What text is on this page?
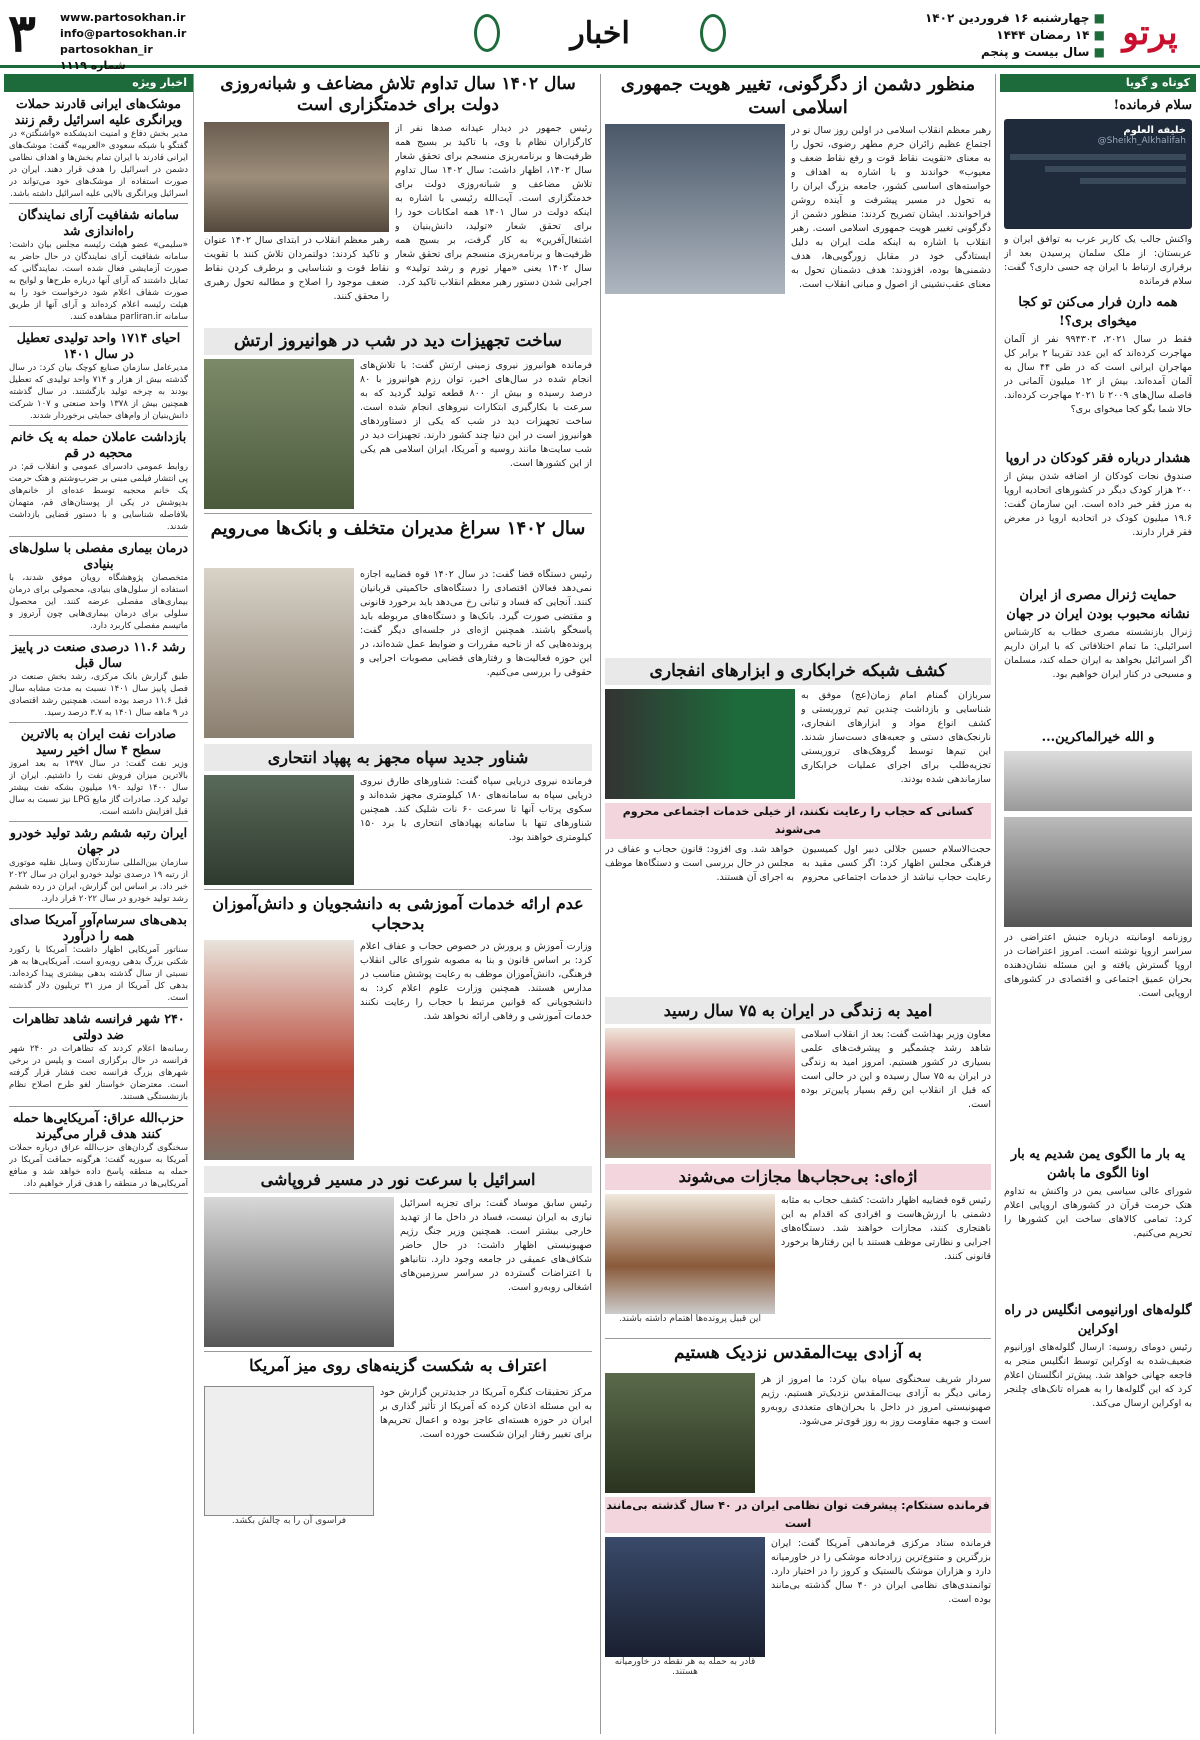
پرتو
■ چهارشنبه ۱۶ فروردین ۱۴۰۲
■ ۱۴ رمضان ۱۴۴۴
■ سال بیست و پنجم
اخبار
۳ www.partosokhan.ir
info@partosokhan.ir
partosokhan_ir
شماره ۱۱۱۹
اخبار ویژه
موشک‌های ایرانی قادرند حملات ویرانگری علیه اسرائیل رقم زنند
مدیر بخش دفاع و امنیت اندیشکده «واشنگتن» در گفتگو با شبکه سعودی «العربیه» گفت: موشک‌های ایرانی قادرند با ایران تمام بخش‌ها و اهداف نظامی دشمن در اسرائیل را هدف قرار دهند. ایران در صورت استفاده از موشک‌های خود می‌تواند در اسرائیل ویرانگری بالایی علیه اسرائیل داشته باشد.
سامانه شفافیت آرای نمایندگان راه‌اندازی شد
«سلیمی» عضو هیئت رئیسه مجلس بیان داشت: سامانه شفافیت آرای نمایندگان در حال حاضر به صورت آزمایشی فعال شده است. نمایندگانی که تمایل داشتند که آرای آنها درباره طرح‌ها و لوایح به صورت شفاف اعلام شود درخواست خود را به هیئت رئیسه اعلام کرده‌اند و آرای آنها از طریق سامانه parliran.ir مشاهده کنند.
احیای ۱۷۱۴ واحد تولیدی تعطیل در سال ۱۴۰۱
مدیرعامل سازمان صنایع کوچک بیان کرد: در سال گذشته بیش از هزار و ۷۱۴ واحد تولیدی که تعطیل بودند به چرخه تولید بازگشتند. در سال گذشته همچنین بیش از ۱۳۷۸ واحد صنعتی و ۱۰۷ شرکت دانش‌بنیان از وام‌های حمایتی برخوردار شدند.
بازداشت عاملان حمله به یک خانم محجبه در قم
روابط عمومی دادسرای عمومی و انقلاب قم: در پی انتشار فیلمی مبنی بر ضرب‌وشتم و هتک حرمت یک خانم محجبه توسط عده‌ای از خانم‌های بدپوشش در یکی از پوستان‌های قم، متهمان بلافاصله شناسایی و با دستور قضایی بازداشت شدند.
درمان بیماری مفصلی با سلول‌های بنیادی
متخصصان پژوهشگاه رویان موفق شدند، با استفاده از سلول‌های بنیادی، محصولی برای درمان بیماری‌های مفصلی عرضه کنند. این محصول سلولی برای درمان بیماری‌هایی چون آرتروز و ماتیسم مفصلی کاربرد دارد.
رشد ۱۱.۶ درصدی صنعت در پاییز سال قبل
طبق گزارش بانک مرکزی، رشد بخش صنعت در فصل پاییز سال ۱۴۰۱ نسبت به مدت مشابه سال قبل ۱۱.۶ درصد بوده است. همچنین رشد اقتصادی در ۹ ماهه سال ۱۴۰۱ به ۳.۷ درصد رسید.
صادرات نفت ایران به بالاترین سطح ۴ سال اخیر رسید
وزیر نفت گفت: در سال ۱۳۹۷ به بعد امروز بالاترین میزان فروش نفت را داشتیم. ایران از سال ۱۴۰۰ تولید ۱۹۰ میلیون بشکه نفت بیشتر تولید کرد. صادرات گاز مایع LPG نیز نسبت به سال قبل افزایش داشته است.
ایران رتبه ششم رشد تولید خودرو در جهان
سازمان بین‌المللی سازندگان وسایل نقلیه موتوری از رتبه ۱۹ درصدی تولید خودرو ایران در سال ۲۰۲۲ خبر داد. بر اساس این گزارش، ایران در رده ششم رشد تولید خودرو در سال ۲۰۲۲ قرار دارد.
بدهی‌های سرسام‌آور آمریکا صدای همه را درآورد
سناتور آمریکایی اظهار داشت: آمریکا با رکورد شکنی بزرگ بدهی روبه‌رو است. آمریکایی‌ها به هر نسبتی از سال گذشته بدهی بیشتری پیدا کرده‌اند. بدهی کل آمریکا از مرز ۳۱ تریلیون دلار گذشته است.
۲۴۰ شهر فرانسه شاهد تظاهرات ضد دولتی
رسانه‌ها اعلام کردند که تظاهرات در ۲۴۰ شهر فرانسه در حال برگزاری است و پلیس در برخی شهرهای بزرگ فرانسه تحت فشار قرار گرفته است. معترضان خواستار لغو طرح اصلاح نظام بازنشستگی هستند.
حزب‌الله عراق: آمریکایی‌ها حمله کنند هدف قرار می‌گیرند
سخنگوی گردان‌های حزب‌الله عراق درباره حملات آمریکا به سوریه گفت: هرگونه حماقت آمریکا در حمله به منطقه پاسخ داده خواهد شد و منافع آمریکایی‌ها در منطقه را هدف قرار خواهیم داد.
سال ۱۴۰۲ سال تداوم تلاش مضاعف و شبانه‌روزی دولت برای خدمتگزاری است
رئیس جمهور در دیدار عیدانه صدها نفر از کارگزاران نظام با وی، با تاکید بر بسیج همه ظرفیت‌ها و برنامه‌ریزی منسجم برای تحقق شعار سال ۱۴۰۲، اظهار داشت: سال ۱۴۰۲ سال تداوم تلاش مضاعف و شبانه‌روزی دولت برای خدمتگزاری است. آیت‌الله رئیسی با اشاره به اینکه دولت در سال ۱۴۰۱ همه امکانات خود را برای تحقق شعار «تولید، دانش‌بنیان و اشتغال‌آفرین» به کار گرفت، بر بسیج همه ظرفیت‌ها و برنامه‌ریزی منسجم برای تحقق شعار سال ۱۴۰۲ یعنی «مهار تورم و رشد تولید» و اجرایی شدن دستور رهبر معظم انقلاب تاکید کرد.
رهبر معظم انقلاب در ابتدای سال ۱۴۰۲ عنوان و تاکید کردند: دولتمردان تلاش کنند با تقویت نقاط قوت و شناسایی و برطرف کردن نقاط ضعف موجود را اصلاح و مطالبه تحول رهبری را محقق کنند.
ساخت تجهیزات دید در شب در هوانیروز ارتش
فرمانده هوانیروز نیروی زمینی ارتش گفت: با تلاش‌های انجام شده در سال‌های اخیر، توان رزم هوانیروز با ۸۰ درصد رسیده و بیش از ۸۰۰ قطعه تولید گردید که به سرعت با بکارگیری ابتکارات نیروهای انجام شده است. ساخت تجهیزات دید در شب که یکی از دستاوردهای هوانیروز است در این دنیا چند کشور دارند. تجهیزات دید در شب سایت‌ها مانند روسیه و آمریکا، ایران اسلامی هم یکی از این کشورها است.
سال ۱۴۰۲ سراغ مدیران متخلف و بانک‌ها می‌رویم
رئیس دستگاه قضا گفت: در سال ۱۴۰۲ قوه قضاییه اجازه نمی‌دهد فعالان اقتصادی را دستگاه‌های حاکمیتی قربانیان کنند. آنجایی که فساد و تبانی رخ می‌دهد باید برخورد قانونی و مقتضی صورت گیرد. بانک‌ها و دستگاه‌های مربوطه باید پاسخگو باشند. همچنین اژه‌ای در جلسه‌ای دیگر گفت: پرونده‌هایی که از ناحیه مقررات و ضوابط عمل شده‌اند، در این حوزه فعالیت‌ها و رفتارهای قضایی مصوبات اجرایی و حقوقی را بررسی می‌کنیم.
شناور جدید سپاه مجهز به پهپاد انتحاری
فرمانده نیروی دریایی سپاه گفت: شناورهای طارق نیروی دریایی سپاه به سامانه‌های ۱۸۰ کیلومتری مجهز شده‌اند و سکوی پرتاب آنها تا سرعت ۶۰ نات شلیک کند. همچنین شناورهای تنها با سامانه پهپادهای انتحاری با برد ۱۵۰ کیلومتری خواهند بود.
عدم ارائه خدمات آموزشی به دانشجویان و دانش‌آموزان بدحجاب
وزارت آموزش و پرورش در خصوص حجاب و عفاف اعلام کرد: بر اساس قانون و بنا به مصوبه شورای عالی انقلاب فرهنگی، دانش‌آموزان موظف به رعایت پوشش مناسب در مدارس هستند. همچنین وزارت علوم اعلام کرد: به دانشجویانی که قوانین مرتبط با حجاب را رعایت نکنند خدمات آموزشی و رفاهی ارائه نخواهد شد.
اسرائیل با سرعت نور در مسیر فروپاشی
رئیس سابق موساد گفت: برای تجزیه اسرائیل نیازی به ایران نیست، فساد در داخل ما از تهدید خارجی بیشتر است. همچنین وزیر جنگ رژیم صهیونیستی اظهار داشت: در حال حاضر شکاف‌های عمیقی در جامعه وجود دارد. نتانیاهو با اعتراضات گسترده در سراسر سرزمین‌های اشغالی روبه‌رو است.
اعتراف به شکست گزینه‌های روی میز آمریکا
مرکز تحقیقات کنگره آمریکا در جدیدترین گزارش خود به این مسئله اذعان کرده که آمریکا از تأثیر گذاری بر ایران در حوزه هسته‌ای عاجز بوده و اعمال تحریم‌ها برای تغییر رفتار ایران شکست خورده است.
فراسوی آن را به چالش بکشد.
منظور دشمن از دگرگونی، تغییر هویت جمهوری اسلامی است
رهبر معظم انقلاب اسلامی در اولین روز سال نو در اجتماع عظیم زائران حرم مطهر رضوی، تحول را به معنای «تقویت نقاط قوت و رفع نقاط ضعف و معیوب» خواندند و با اشاره به اهداف و خواسته‌های اساسی کشور، جامعه بزرگ ایران را به تحول در مسیر پیشرفت و آینده روشن فراخواندند. ایشان تصریح کردند: منظور دشمن از دگرگونی تغییر هویت جمهوری اسلامی است. رهبر انقلاب با اشاره به اینکه ملت ایران به دلیل ایستادگی خود در مقابل زورگویی‌ها، هدف دشمنی‌ها بوده، افزودند: هدف دشمنان تحول به معنای عقب‌نشینی از اصول و مبانی انقلاب است.
کشف شبکه خرابکاری و ابزارهای انفجاری
سربازان گمنام امام زمان(عج) موفق به شناسایی و بازداشت چندین تیم تروریستی و کشف انواع مواد و ابزارهای انفجاری، نارنجک‌های دستی و جعبه‌های دست‌ساز شدند. این تیم‌ها توسط گروهک‌های تروریستی تجزیه‌طلب برای اجرای عملیات خرابکاری سازماندهی شده بودند.
کسانی که حجاب را رعایت نکنند، از خیلی خدمات اجتماعی محروم می‌شوند
حجت‌الاسلام حسین جلالی دبیر اول کمیسیون فرهنگی مجلس اظهار کرد: اگر کسی مقید به رعایت حجاب نباشد از خدمات اجتماعی محروم خواهد شد. وی افزود: قانون حجاب و عفاف در مجلس در حال بررسی است و دستگاه‌ها موظف به اجرای آن هستند.
امید به زندگی در ایران به ۷۵ سال رسید
معاون وزیر بهداشت گفت: بعد از انقلاب اسلامی شاهد رشد چشمگیر و پیشرفت‌های علمی بسیاری در کشور هستیم. امروز امید به زندگی در ایران به ۷۵ سال رسیده و این در حالی است که قبل از انقلاب این رقم بسیار پایین‌تر بوده است.
اژه‌ای: بی‌حجاب‌ها مجازات می‌شوند
رئیس قوه قضاییه اظهار داشت: کشف حجاب به مثابه دشمنی با ارزش‌هاست و افرادی که اقدام به این ناهنجاری کنند، مجازات خواهند شد. دستگاه‌های اجرایی و نظارتی موظف هستند با این رفتارها برخورد قانونی کنند.
این قبیل پرونده‌ها اهتمام داشته باشند.
به آزادی بیت‌المقدس نزدیک هستیم
سردار شریف سخنگوی سپاه بیان کرد: ما امروز از هر زمانی دیگر به آزادی بیت‌المقدس نزدیک‌تر هستیم. رژیم صهیونیستی امروز در داخل با بحران‌های متعددی روبه‌رو است و جبهه مقاومت روز به روز قوی‌تر می‌شود.
فرمانده سنتکام: پیشرفت توان نظامی ایران در ۴۰ سال گذشته بی‌مانند است
فرمانده ستاد مرکزی فرماندهی آمریکا گفت: ایران بزرگترین و متنوع‌ترین زرادخانه موشکی را در خاورمیانه دارد و هزاران موشک بالستیک و کروز را در اختیار دارد. توانمندی‌های نظامی ایران در ۴۰ سال گذشته بی‌مانند بوده است.
قادر به حمله به هر نقطه در خاورمیانه هستند.
کوتاه و گویا
سلام فرمانده!
خلیفه العلوم
@Sheikh_Alkhalifah
واکنش جالب یک کاربر عرب به توافق ایران و عربستان: از ملک سلمان پرسیدن بعد از برقراری ارتباط با ایران چه حسی داری؟ گفت: سلام فرمانده
همه دارن فرار می‌کنن تو کجا میخوای بری؟!
فقط در سال ۲۰۲۱، ۹۹۴۳۰۳ نفر از آلمان مهاجرت کرده‌اند که این عدد تقریبا ۲ برابر کل مهاجران ایرانی است که در طی ۴۴ سال به آلمان آمده‌اند. بیش از ۱۲ میلیون آلمانی در فاصله سال‌های ۲۰۰۹ تا ۲۰۲۱ مهاجرت کرده‌اند. حالا شما بگو کجا میخوای بری؟
هشدار درباره فقر کودکان در اروپا
صندوق نجات کودکان از اضافه شدن بیش از ۲۰۰ هزار کودک دیگر در کشورهای اتحادیه اروپا به مرز فقر خبر داده است. این سازمان گفت: ۱۹.۶ میلیون کودک در اتحادیه اروپا در معرض فقر قرار دارند.
حمایت ژنرال مصری از ایران نشانه محبوب بودن ایران در جهان
ژنرال بازنشسته مصری خطاب به کارشناس اسرائیلی: ما تمام اختلافاتی که با ایران داریم اگر اسرائیل بخواهد به ایران حمله کند، مسلمان و مسیحی در کنار ایران خواهیم بود.
و الله خیرالماکرین...
روزنامه اومانیته درباره جنبش اعتراضی در سراسر اروپا نوشته است. امروز اعتراضات در اروپا گسترش یافته و این مسئله نشان‌دهنده بحران عمیق اجتماعی و اقتصادی در کشورهای اروپایی است.
یه بار ما الگوی یمن شدیم یه بار اونا الگوی ما باشن
شورای عالی سیاسی یمن در واکنش به تداوم هتک حرمت قرآن در کشورهای اروپایی اعلام کرد: تمامی کالاهای ساخت این کشورها را تحریم می‌کنیم.
گلوله‌های اورانیومی انگلیس در راه اوکراین
رئیس دومای روسیه: ارسال گلوله‌های اورانیوم ضعیف‌شده به اوکراین توسط انگلیس منجر به فاجعه جهانی خواهد شد. پیش‌تر انگلستان اعلام کرد که این گلوله‌ها را به همراه تانک‌های چلنجر به اوکراین ارسال می‌کند.
